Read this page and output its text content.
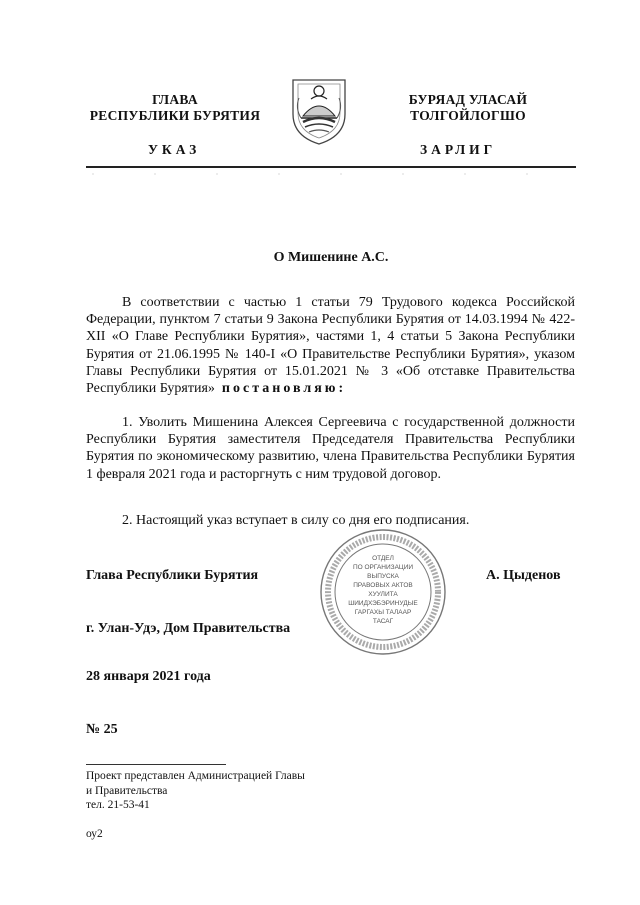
ГЛАВА
РЕСПУБЛИКИ БУРЯТИЯ
БУРЯАД УЛАСАЙ
ТОЛГОЙЛОГШО
УКАЗ	ЗАРЛИГ
О Мишенине А.С.

В соответствии с частью 1 статьи 79 Трудового кодекса Российской Федерации, пунктом 7 статьи 9 Закона Республики Бурятия от 14.03.1994 № 422-XII «О Главе Республики Бурятия», частями 1, 4 статьи 5 Закона Республики Бурятия от 21.06.1995 № 140-I «О Правительстве Республики Бурятия», указом Главы Республики Бурятия от 15.01.2021 № 3 «Об отставке Правительства Республики Бурятия» постановляю:

1. Уволить Мишенина Алексея Сергеевича с государственной должности Республики Бурятия заместителя Председателя Правительства Республики Бурятия по экономическому развитию, члена Правительства Республики Бурятия 1 февраля 2021 года и расторгнуть с ним трудовой договор.

2. Настоящий указ вступает в силу со дня его подписания.

Глава Республики Бурятия	А. Цыденов
ОТДЕЛ
ПО ОРГАНИЗАЦИИ
ВЫПУСКА
ПРАВОВЫХ АКТОВ
ХУУЛИТА
ШИИДХЭБЭРИНУДЫЕ
ГАРГАХЫ ТАЛААР
ТАСАГ
г. Улан-Удэ, Дом Правительства
28 января 2021 года
№ 25
Проект представлен Администрацией Главы
и Правительства
тел. 21-53-41
оу2
